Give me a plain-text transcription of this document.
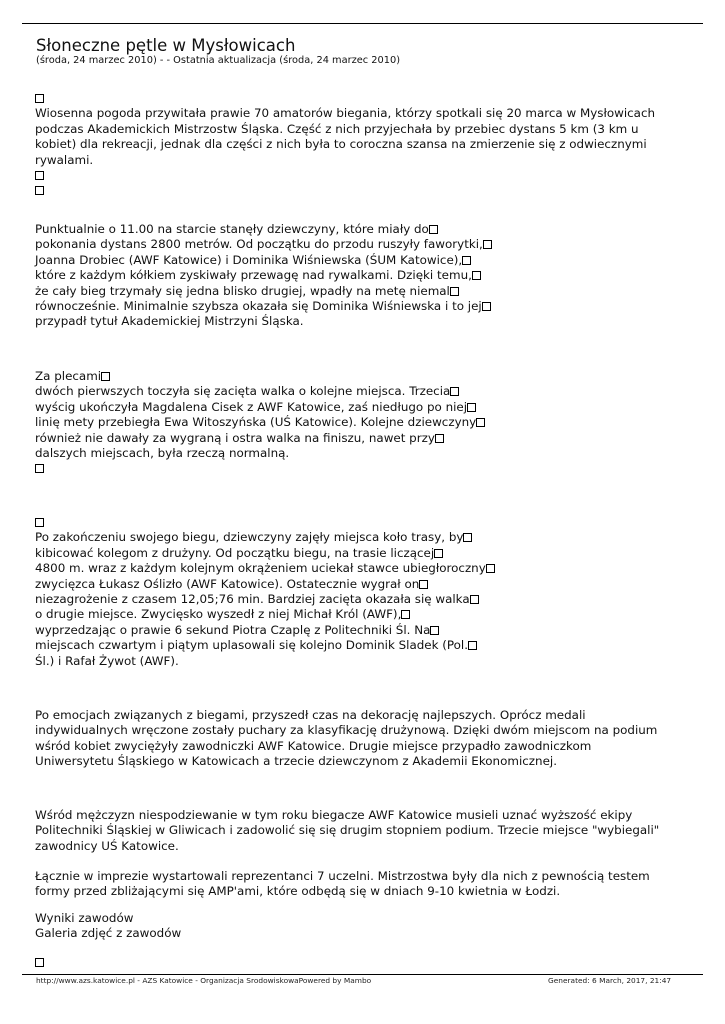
Słoneczne pętle w Mysłowicach
(środa, 24 marzec 2010) - - Ostatnia aktualizacja (środa, 24 marzec 2010)
Wiosenna pogoda przywitała prawie 70 amatorów biegania, którzy spotkali się 20 marca w Mysłowicach
podczas Akademickich Mistrzostw Śląska. Część z nich przyjechała by przebiec dystans 5 km (3 km u
kobiet) dla rekreacji, jednak dla części z nich była to coroczna szansa na zmierzenie się z odwiecznymi
rywalami.
Punktualnie o 11.00 na starcie stanęły dziewczyny, które miały do
pokonania dystans 2800 metrów. Od początku do przodu ruszyły faworytki,
Joanna Drobiec (AWF Katowice) i Dominika Wiśniewska (ŚUM Katowice),
które z każdym kółkiem zyskiwały przewagę nad rywalkami. Dzięki temu,
że cały bieg trzymały się jedna blisko drugiej, wpadły na metę niemal
równocześnie. Minimalnie szybsza okazała się Dominika Wiśniewska i to jej
przypadł tytuł Akademickiej Mistrzyni Śląska.
Za plecami
dwóch pierwszych toczyła się zacięta walka o kolejne miejsca. Trzecia
wyścig ukończyła Magdalena Cisek z AWF Katowice, zaś niedługo po niej
linię mety przebiegła Ewa Witoszyńska (UŚ Katowice). Kolejne dziewczyny
również nie dawały za wygraną i ostra walka na finiszu, nawet przy
dalszych miejscach, była rzeczą normalną.
Po zakończeniu swojego biegu, dziewczyny zajęły miejsca koło trasy, by
kibicować kolegom z drużyny. Od początku biegu, na trasie liczącej
4800 m. wraz z każdym kolejnym okrążeniem uciekał stawce ubiegłoroczny
zwycięzca Łukasz Oślizło (AWF Katowice). Ostatecznie wygrał on
niezagrożenie z czasem 12,05;76 min. Bardziej zacięta okazała się walka
o drugie miejsce. Zwycięsko wyszedł z niej Michał Król (AWF),
wyprzedzając o prawie 6 sekund Piotra Czaplę z Politechniki Śl. Na
miejscach czwartym i piątym uplasowali się kolejno Dominik Sladek (Pol.
Śl.) i Rafał Żywot (AWF).
Po emocjach związanych z biegami, przyszedł czas na dekorację najlepszych. Oprócz medali
indywidualnych wręczone zostały puchary za klasyfikację drużynową. Dzięki dwóm miejscom na podium
wśród kobiet zwyciężyły zawodniczki AWF Katowice. Drugie miejsce przypadło zawodniczkom
Uniwersytetu Śląskiego w Katowicach a trzecie dziewczynom z Akademii Ekonomicznej.
Wśród mężczyzn niespodziewanie w tym roku biegacze AWF Katowice musieli uznać wyższość ekipy
Politechniki Śląskiej w Gliwicach i zadowolić się się drugim stopniem podium. Trzecie miejsce "wybiegali"
zawodnicy UŚ Katowice.
Łącznie w imprezie wystartowali reprezentanci 7 uczelni. Mistrzostwa były dla nich z pewnością testem
formy przed zbliżającymi się AMP'ami, które odbędą się w dniach 9-10 kwietnia w Łodzi.
Wyniki zawodów
Galeria zdjęć z zawodów
http://www.azs.katowice.pl - AZS Katowice - Organizacja SrodowiskowaPowered by Mambo	Generated: 6 March, 2017, 21:47
